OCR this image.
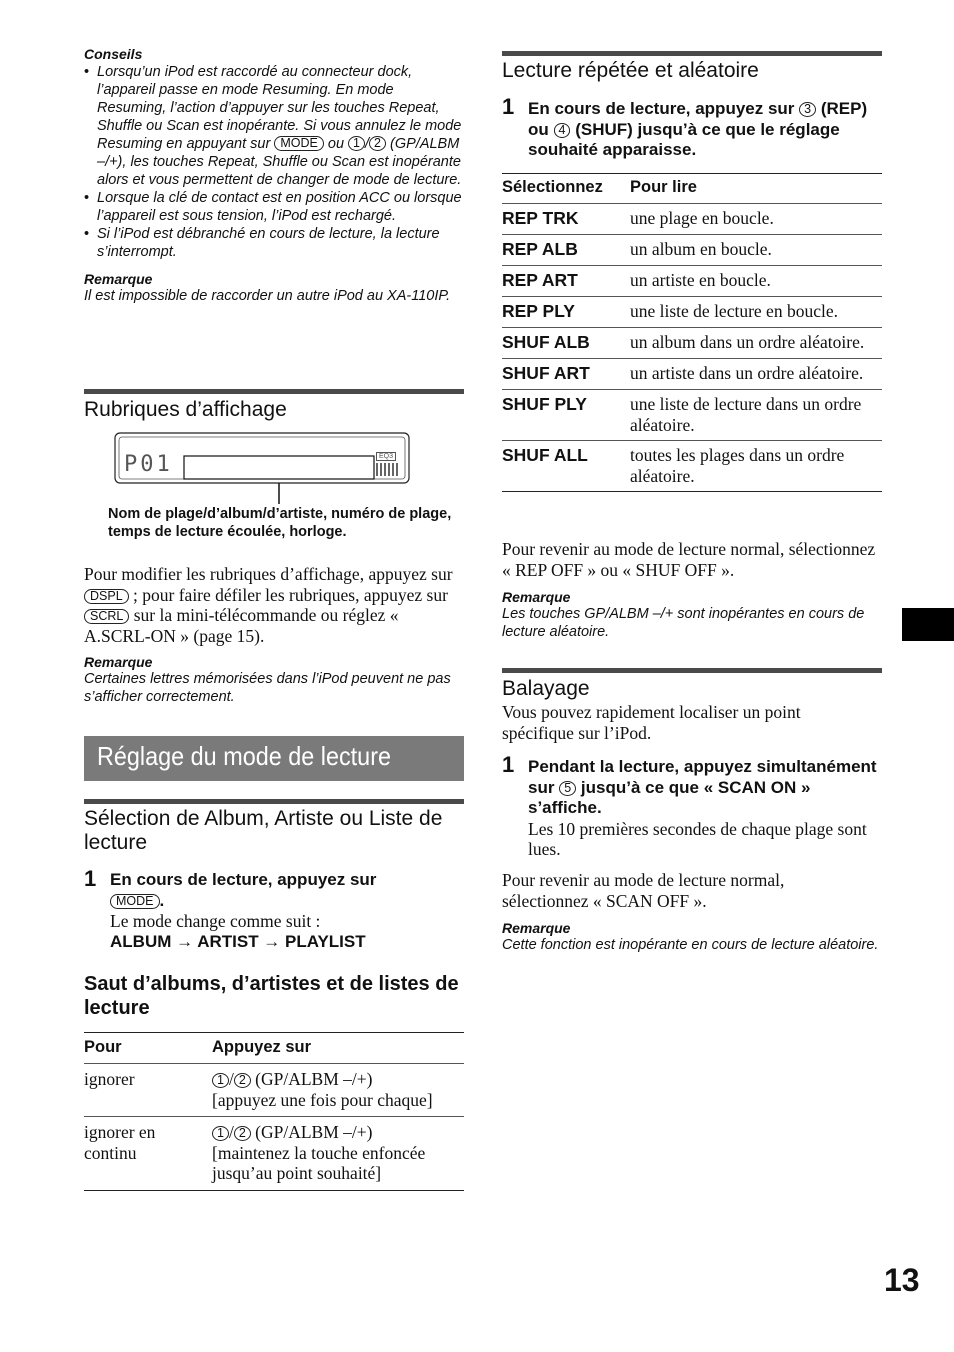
Conseils
• Lorsqu’un iPod est raccordé au connecteur dock, l’appareil passe en mode Resuming. En mode Resuming, l’action d’appuyer sur les touches Repeat, Shuffle ou Scan est inopérante. Si vous annulez le mode Resuming en appuyant sur MODE ou 1 / 2 (GP/ALBM –/+), les touches Repeat, Shuffle ou Scan est inopérante alors et vous permettent de changer de mode de lecture.
• Lorsque la clé de contact est en position ACC ou lorsque l’appareil est sous tension, l’iPod est rechargé.
• Si l’iPod est débranché en cours de lecture, la lecture s’interrompt.
Remarque
Il est impossible de raccorder un autre iPod au XA-110IP.
Rubriques d’affichage
P01	EQ3
Nom de plage/d’album/d’artiste, numéro de plage, temps de lecture écoulée, horloge.
Pour modifier les rubriques d’affichage, appuyez sur DSPL ; pour faire défiler les rubriques, appuyez sur SCRL sur la mini-télécommande ou réglez « A.SCRL-ON » (page 15).
Remarque
Certaines lettres mémorisées dans l’iPod peuvent ne pas s’afficher correctement.
Réglage du mode de lecture
Sélection de Album, Artiste ou Liste de lecture
1 En cours de lecture, appuyez sur
MODE .
Le mode change comme suit :
ALBUM → ARTIST → PLAYLIST
Saut d’albums, d’artistes et de listes de lecture
Pour	Appuyez sur
ignorer	1 / 2 (GP/ALBM –/+)
[appuyez une fois pour chaque]
ignorer en continu	1 / 2 (GP/ALBM –/+)
[maintenez la touche enfoncée jusqu’au point souhaité]
Lecture répétée et aléatoire
1 En cours de lecture, appuyez sur 3 (REP) ou 4 (SHUF) jusqu’à ce que le réglage souhaité apparaisse.
Sélectionnez	Pour lire
REP TRK	une plage en boucle.
REP ALB	un album en boucle.
REP ART	un artiste en boucle.
REP PLY	une liste de lecture en boucle.
SHUF ALB	un album dans un ordre aléatoire.
SHUF ART	un artiste dans un ordre aléatoire.
SHUF PLY	une liste de lecture dans un ordre aléatoire.
SHUF ALL	toutes les plages dans un ordre aléatoire.
Pour revenir au mode de lecture normal, sélectionnez « REP OFF » ou « SHUF OFF ».
Remarque
Les touches GP/ALBM –/+ sont inopérantes en cours de lecture aléatoire.
Balayage
Vous pouvez rapidement localiser un point spécifique sur l’iPod.
1 Pendant la lecture, appuyez simultanément sur 5 jusqu’à ce que « SCAN ON » s’affiche.
Les 10 premières secondes de chaque plage sont lues.
Pour revenir au mode de lecture normal, sélectionnez « SCAN OFF ».
Remarque
Cette fonction est inopérante en cours de lecture aléatoire.
13
